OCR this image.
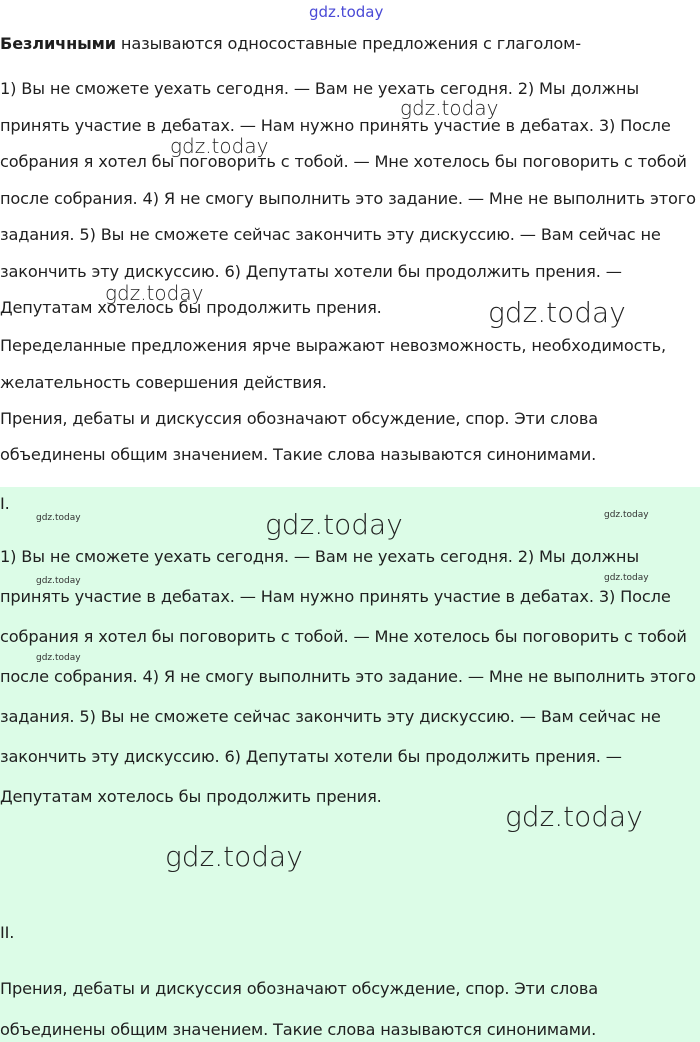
gdz.today

Безличными называются односоставные предложения с глаголом-

1) Вы не сможете уехать сегодня. — Вам не уехать сегодня. 2) Мы должны принять участие в дебатах. — Нам нужно принять участие в дебатах. 3) После собрания я хотел бы поговорить с тобой. — Мне хотелось бы поговорить с тобой после собрания. 4) Я не смогу выполнить это задание. — Мне не выполнить этого задания. 5) Вы не сможете сейчас закончить эту дискуссию. — Вам сейчас не закончить эту дискуссию. 6) Депутаты хотели бы продолжить прения. — Депутатам хотелось бы продолжить прения.

Переделанные предложения ярче выражают невозможность, необходимость, желательность совершения действия.

Прения, дебаты и дискуссия обозначают обсуждение, спор. Эти слова объединены общим значением. Такие слова называются синонимами.

I.

1) Вы не сможете уехать сегодня. — Вам не уехать сегодня. 2) Мы должны принять участие в дебатах. — Нам нужно принять участие в дебатах. 3) После собрания я хотел бы поговорить с тобой. — Мне хотелось бы поговорить с тобой после собрания. 4) Я не смогу выполнить это задание. — Мне не выполнить этого задания. 5) Вы не сможете сейчас закончить эту дискуссию. — Вам сейчас не закончить эту дискуссию. 6) Депутаты хотели бы продолжить прения. — Депутатам хотелось бы продолжить прения.

II.

Прения, дебаты и дискуссия обозначают обсуждение, спор. Эти слова объединены общим значением. Такие слова называются синонимами.

gdz.today
gdz.today
gdz.today
gdz.today
gdz.today
gdz.today	gdz.today
gdz.today	gdz.today
gdz.today
gdz.today
gdz.today
